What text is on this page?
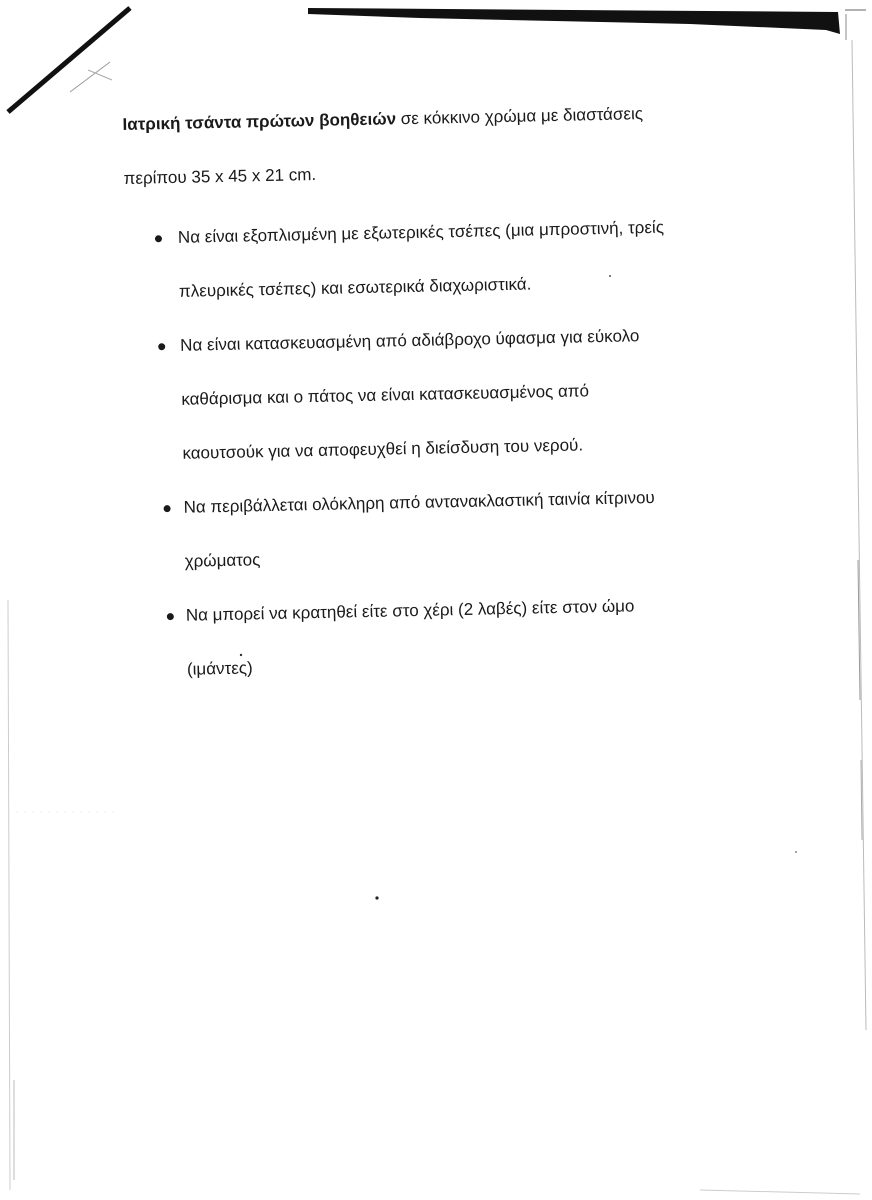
Ιατρική τσάντα πρώτων βοηθειών σε κόκκινο χρώμα με διαστάσεις
περίπου 35 x 45 x 21 cm.
Να είναι εξοπλισμένη με εξωτερικές τσέπες (μια μπροστινή, τρείς
πλευρικές τσέπες) και εσωτερικά διαχωριστικά.
Να είναι κατασκευασμένη από αδιάβροχο ύφασμα για εύκολο
καθάρισμα και ο πάτος να είναι κατασκευασμένος από
καουτσούκ για να αποφευχθεί η διείσδυση του νερού.
Να περιβάλλεται ολόκληρη από αντανακλαστική ταινία κίτρινου
χρώματος
Να μπορεί να κρατηθεί είτε στο χέρι (2 λαβές) είτε στον ώμο
(ιμάντες)
